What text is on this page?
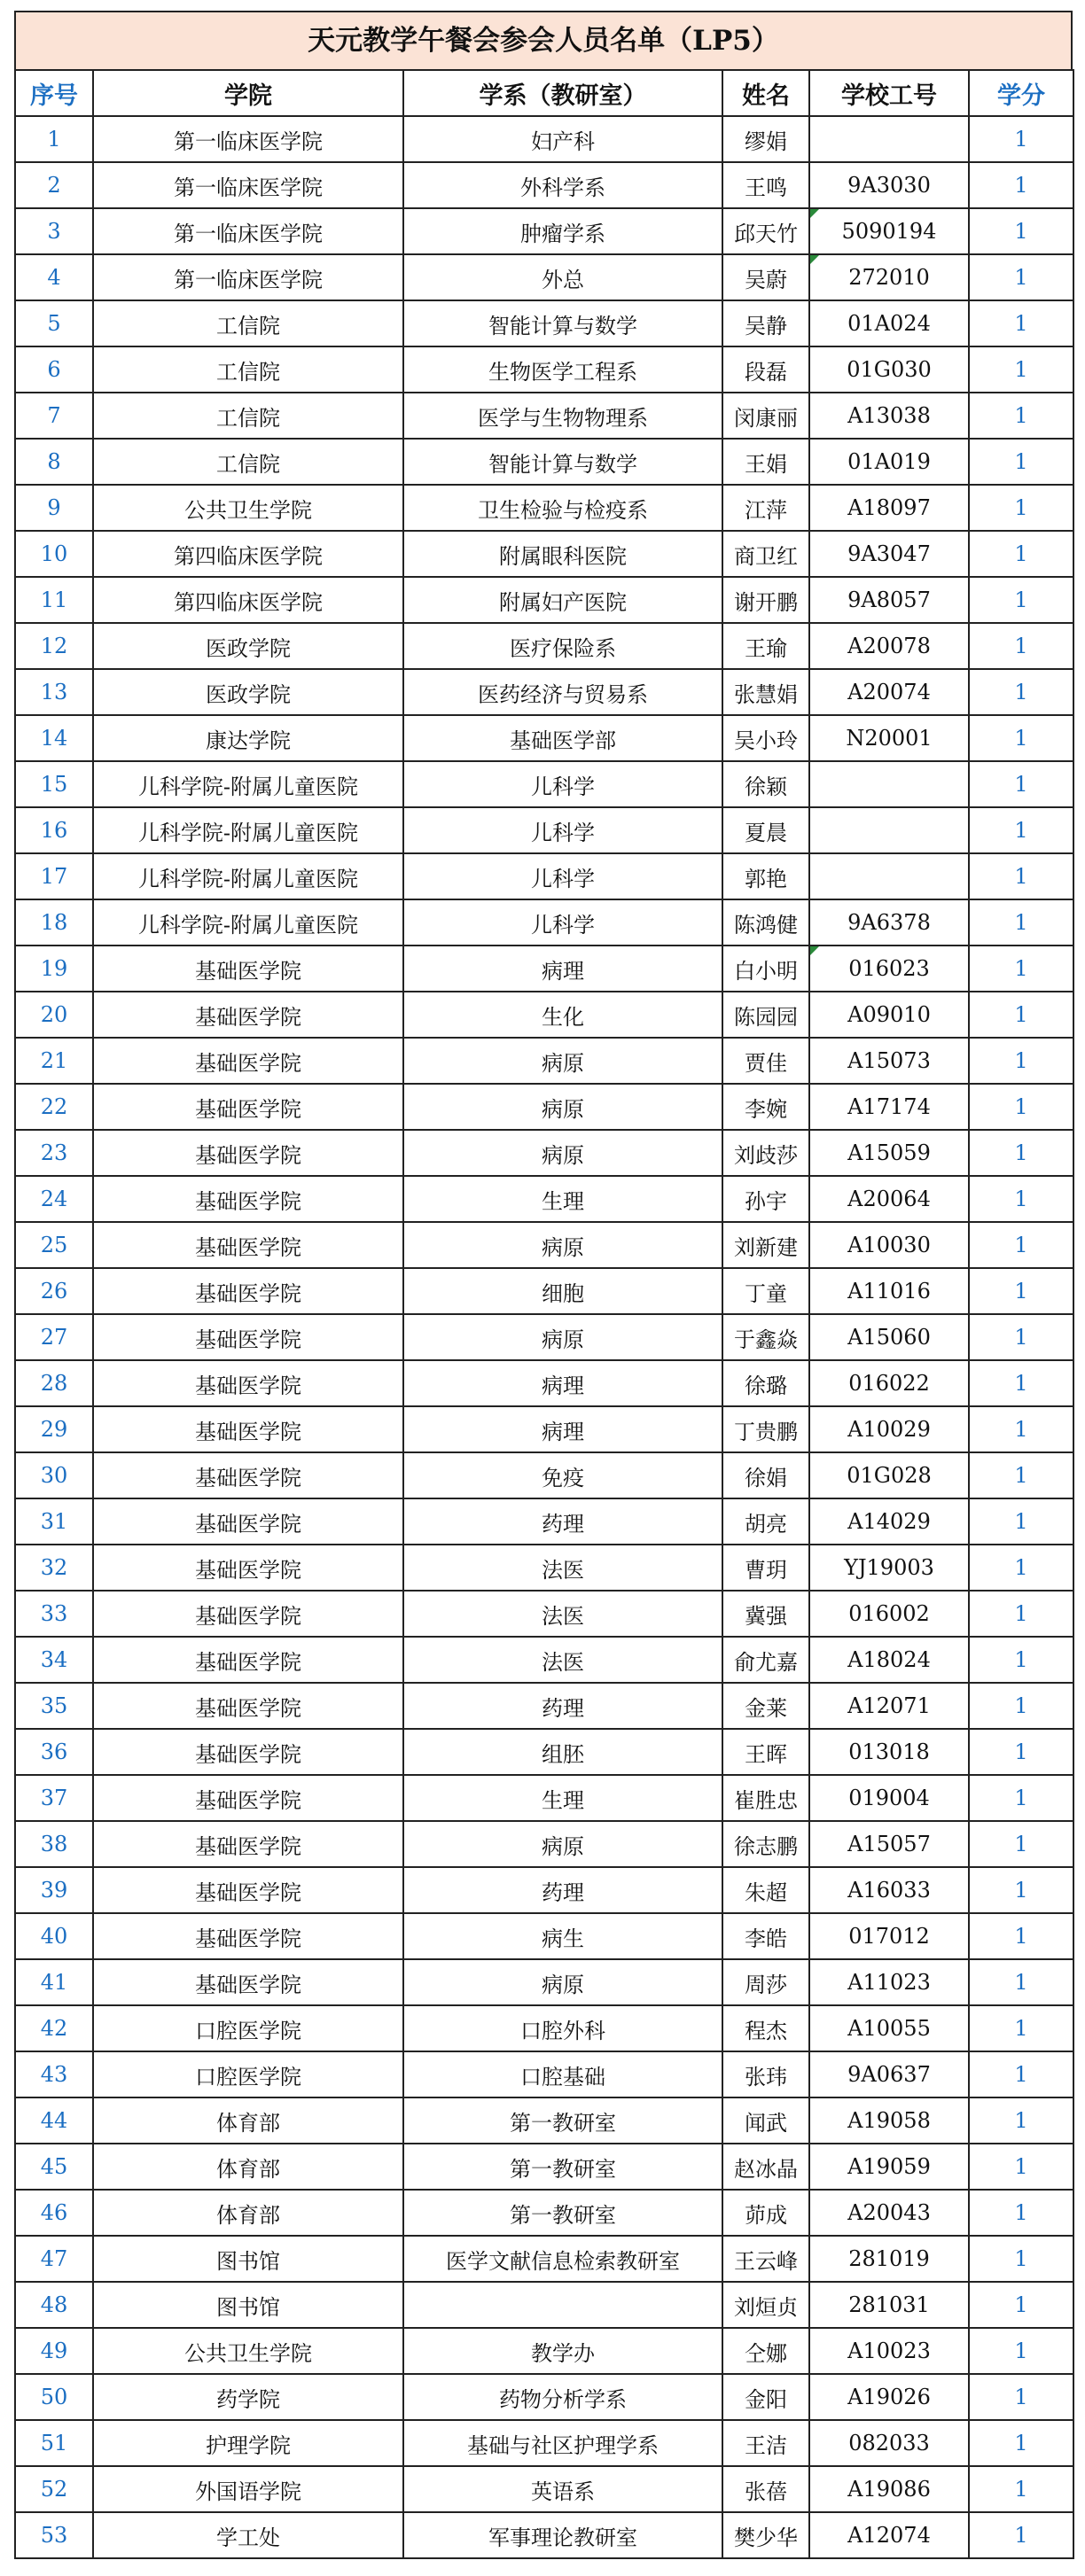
天元教学午餐会参会人员名单（LP5）
序号	学院	学系（教研室）	姓名	学校工号	学分
1	第一临床医学院	妇产科	缪娟		1
2	第一临床医学院	外科学系	王鸣	9A3030	1
3	第一临床医学院	肿瘤学系	邱天竹	5090194	1
4	第一临床医学院	外总	吴蔚	272010	1
5	工信院	智能计算与数学	吴静	01A024	1
6	工信院	生物医学工程系	段磊	01G030	1
7	工信院	医学与生物物理系	闵康丽	A13038	1
8	工信院	智能计算与数学	王娟	01A019	1
9	公共卫生学院	卫生检验与检疫系	江萍	A18097	1
10	第四临床医学院	附属眼科医院	商卫红	9A3047	1
11	第四临床医学院	附属妇产医院	谢开鹏	9A8057	1
12	医政学院	医疗保险系	王瑜	A20078	1
13	医政学院	医药经济与贸易系	张慧娟	A20074	1
14	康达学院	基础医学部	吴小玲	N20001	1
15	儿科学院-附属儿童医院	儿科学	徐颖		1
16	儿科学院-附属儿童医院	儿科学	夏晨		1
17	儿科学院-附属儿童医院	儿科学	郭艳		1
18	儿科学院-附属儿童医院	儿科学	陈鸿健	9A6378	1
19	基础医学院	病理	白小明	016023	1
20	基础医学院	生化	陈园园	A09010	1
21	基础医学院	病原	贾佳	A15073	1
22	基础医学院	病原	李婉	A17174	1
23	基础医学院	病原	刘歧莎	A15059	1
24	基础医学院	生理	孙宇	A20064	1
25	基础医学院	病原	刘新建	A10030	1
26	基础医学院	细胞	丁童	A11016	1
27	基础医学院	病原	于鑫焱	A15060	1
28	基础医学院	病理	徐璐	016022	1
29	基础医学院	病理	丁贵鹏	A10029	1
30	基础医学院	免疫	徐娟	01G028	1
31	基础医学院	药理	胡亮	A14029	1
32	基础医学院	法医	曹玥	YJ19003	1
33	基础医学院	法医	冀强	016002	1
34	基础医学院	法医	俞尤嘉	A18024	1
35	基础医学院	药理	金莱	A12071	1
36	基础医学院	组胚	王晖	013018	1
37	基础医学院	生理	崔胜忠	019004	1
38	基础医学院	病原	徐志鹏	A15057	1
39	基础医学院	药理	朱超	A16033	1
40	基础医学院	病生	李皓	017012	1
41	基础医学院	病原	周莎	A11023	1
42	口腔医学院	口腔外科	程杰	A10055	1
43	口腔医学院	口腔基础	张玮	9A0637	1
44	体育部	第一教研室	闻武	A19058	1
45	体育部	第一教研室	赵冰晶	A19059	1
46	体育部	第一教研室	茆成	A20043	1
47	图书馆	医学文献信息检索教研室	王云峰	281019	1
48	图书馆		刘烜贞	281031	1
49	公共卫生学院	教学办	仝娜	A10023	1
50	药学院	药物分析学系	金阳	A19026	1
51	护理学院	基础与社区护理学系	王洁	082033	1
52	外国语学院	英语系	张蓓	A19086	1
53	学工处	军事理论教研室	樊少华	A12074	1
